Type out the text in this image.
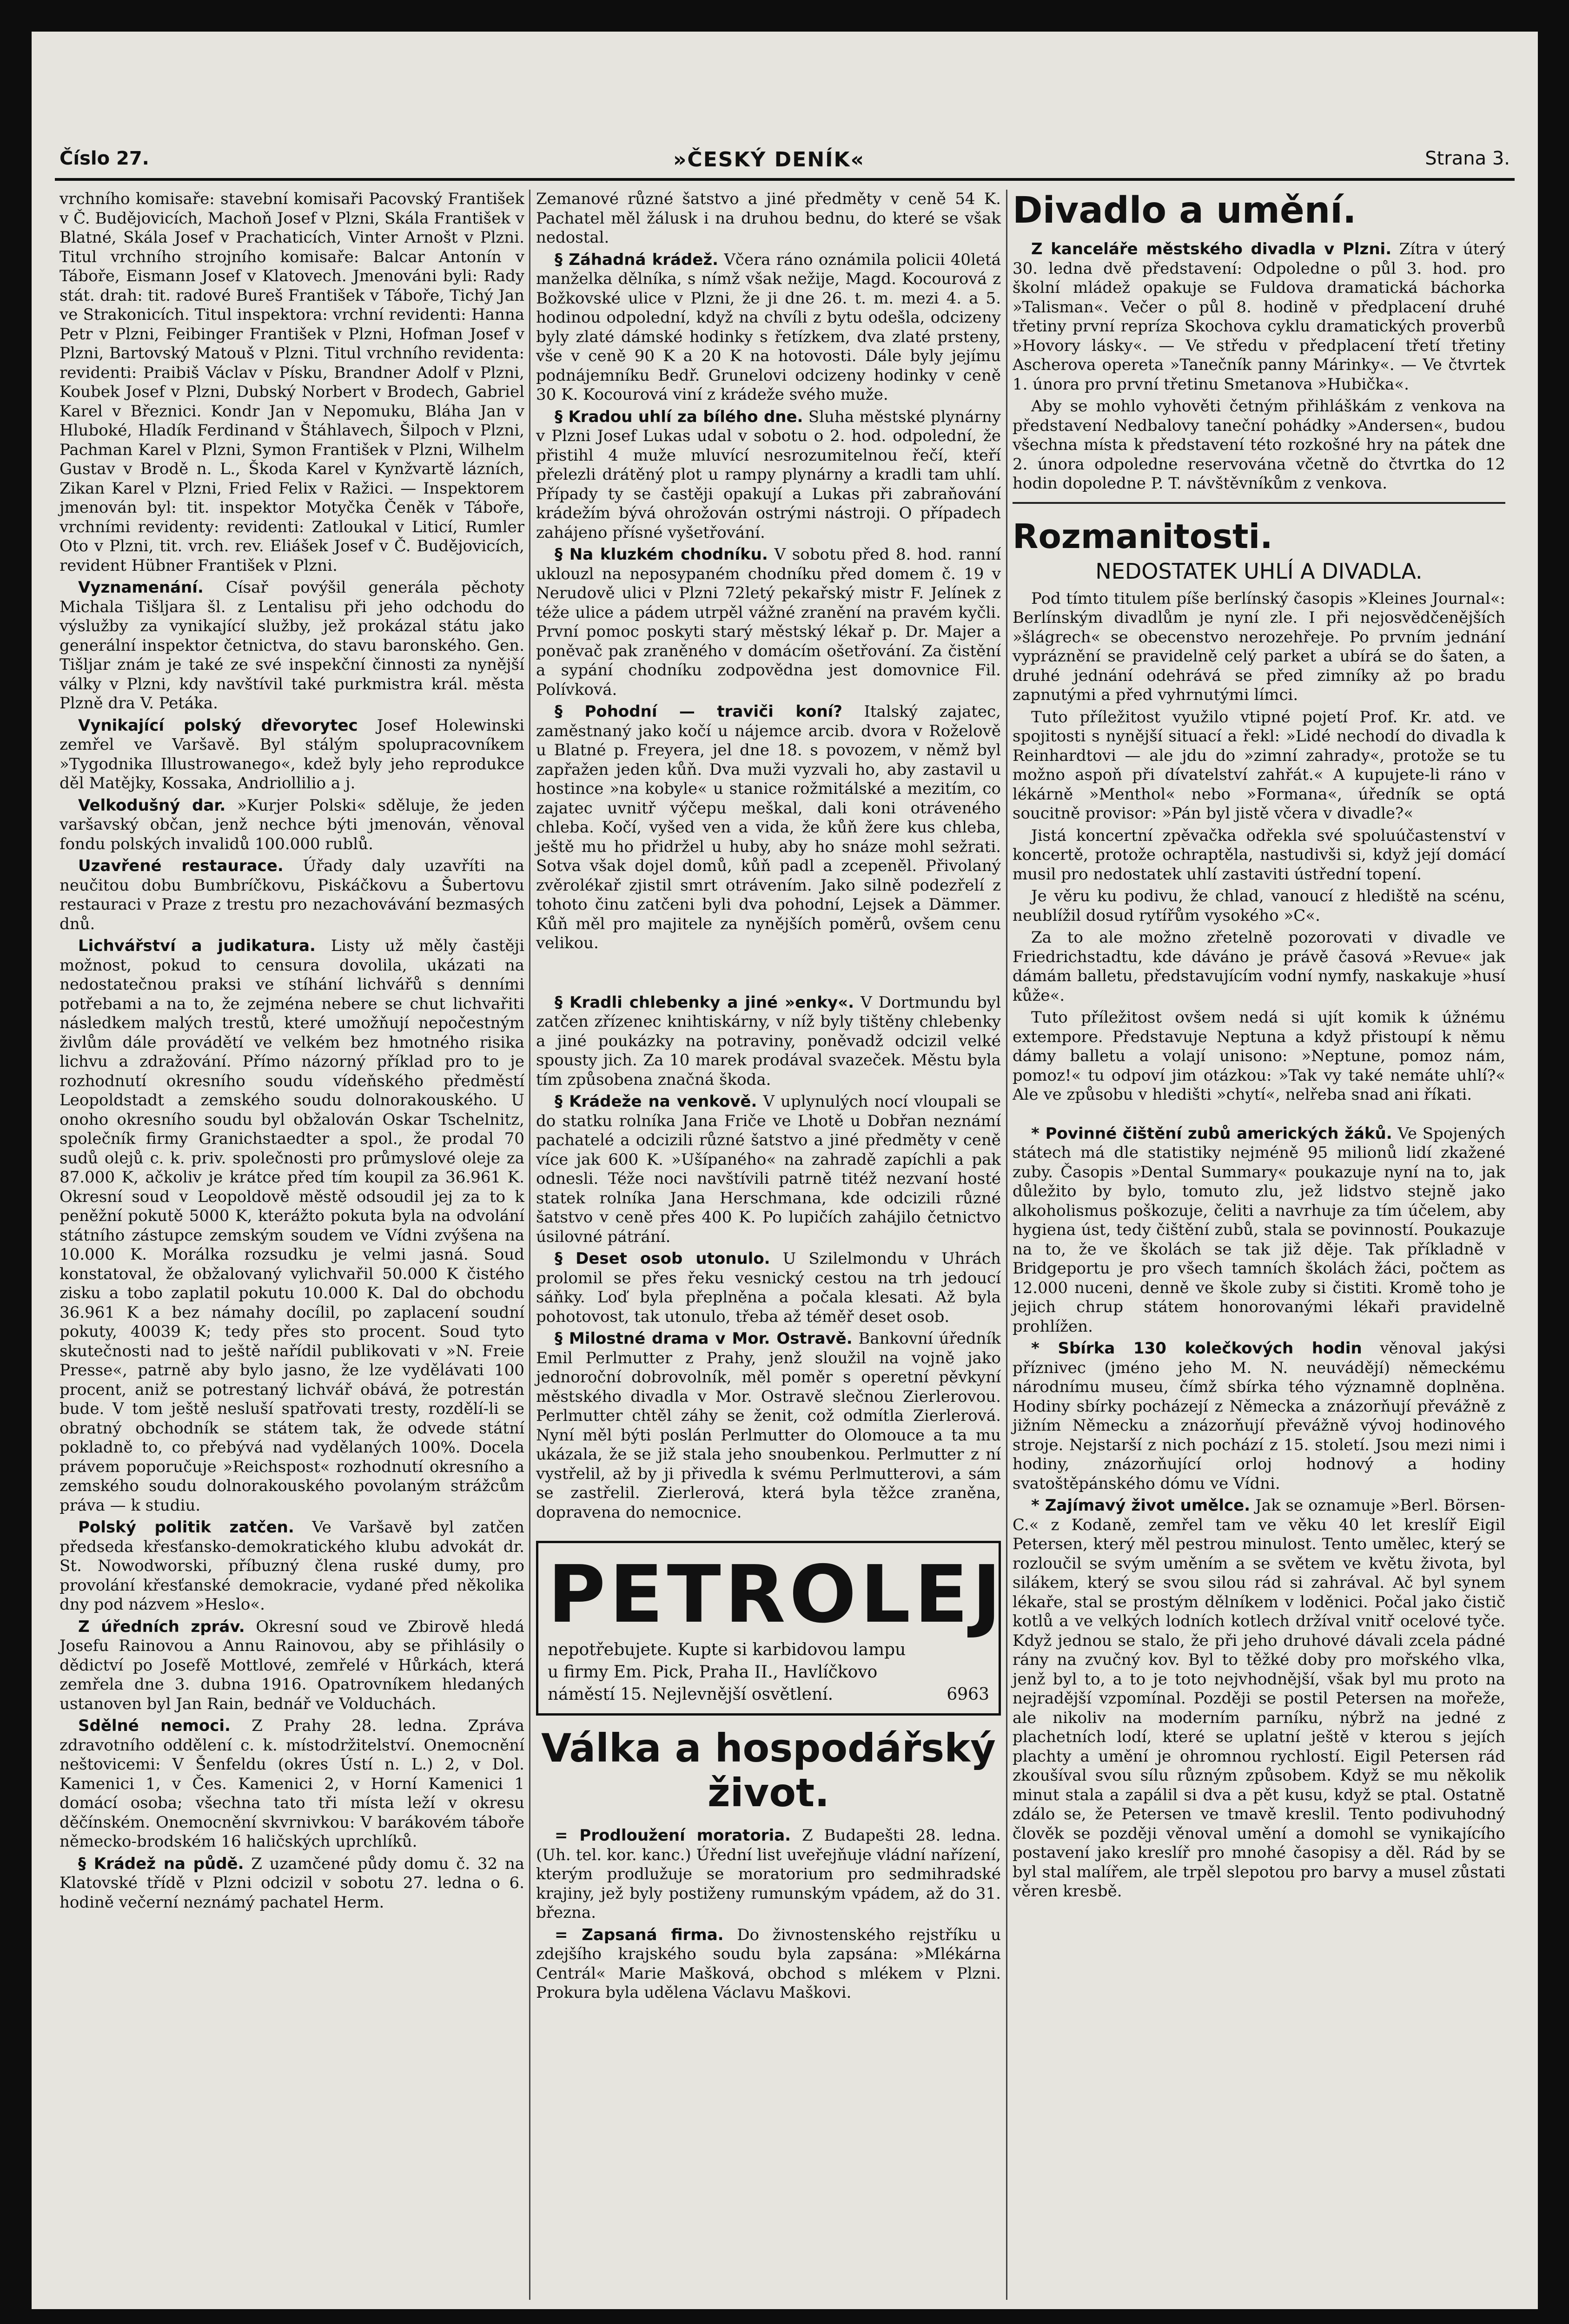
Číslo 27.	»ČESKÝ DENÍK«	Strana 3.

vrchního komisaře: stavební komisaři Pacovský František v Č. Budějovicích, Machoň Josef v Plzni, Skála František v Blatné, Skála Josef v Prachaticích, Vinter Arnošt v Plzni. Titul vrchního strojního komisaře: Balcar Antonín v Táboře, Eismann Josef v Klatovech. Jmenováni byli: Rady stát. drah: tit. radové Bureš František v Táboře, Tichý Jan ve Strakonicích. Titul inspektora: vrchní revidenti: Hanna Petr v Plzni, Feibinger František v Plzni, Hofman Josef v Plzni, Bartovský Matouš v Plzni. Titul vrchního revidenta: revidenti: Praibiš Václav v Písku, Brandner Adolf v Plzni, Koubek Josef v Plzni, Dubský Norbert v Brodech, Gabriel Karel v Březnici. Kondr Jan v Nepomuku, Bláha Jan v Hluboké, Hladík Ferdinand v Štáhlavech, Šilpoch v Plzni, Pachman Karel v Plzni, Symon František v Plzni, Wilhelm Gustav v Brodě n. L., Škoda Karel v Kynžvartě lázních, Zikan Karel v Plzni, Fried Felix v Ražici. — Inspektorem jmenován byl: tit. inspektor Motyčka Čeněk v Táboře, vrchními revidenty: revidenti: Zatloukal v Liticí, Rumler Oto v Plzni, tit. vrch. rev. Eliášek Josef v Č. Budějovicích, revident Hübner František v Plzni.

Vyznamenání. Císař povýšil generála pěchoty Michala Tišljara šl. z Lentalisu při jeho odchodu do výslužby za vynikající služby, jež prokázal státu jako generální inspektor četnictva, do stavu baronského. Gen. Tišljar znám je také ze své inspekční činnosti za nynější války v Plzni, kdy navštívil také purkmistra král. města Plzně dra V. Petáka.

Vynikající polský dřevorytec Josef Holewinski zemřel ve Varšavě. Byl stálým spolupracovníkem »Tygodnika Illustrowanego«, kdež byly jeho reprodukce děl Matějky, Kossaka, Andriollilio a j.

Velkodušný dar. »Kurjer Polski« sděluje, že jeden varšavský občan, jenž nechce býti jmenován, věnoval fondu polských invalidů 100.000 rublů.

Uzavřené restaurace. Úřady daly uzavříti na neučitou dobu Bumbríčkovu, Piskáčkovu a Šubertovu restauraci v Praze z trestu pro nezachovávání bezmasých dnů.

Lichvářství a judikatura. Listy už měly častěji možnost, pokud to censura dovolila, ukázati na nedostatečnou praksi ve stíhání lichvářů s denními potřebami a na to, že zejména nebere se chut lichvařiti následkem malých trestů, které umožňují nepočestným živlům dále provádětí ve velkém bez hmotného risika lichvu a zdražování. Přímo názorný příklad pro to je rozhodnutí okresního soudu vídeňského předměstí Leopoldstadt a zemského soudu dolnorakouského. U onoho okresního soudu byl obžalován Oskar Tschelnitz, společník firmy Granichstaedter a spol., že prodal 70 sudů olejů c. k. priv. společnosti pro průmyslové oleje za 87.000 K, ačkoliv je krátce před tím koupil za 36.961 K. Okresní soud v Leopoldově městě odsoudil jej za to k peněžní pokutě 5000 K, kterážto pokuta byla na odvolání státního zástupce zemským soudem ve Vídni zvýšena na 10.000 K. Morálka rozsudku je velmi jasná. Soud konstatoval, že obžalovaný vylichvařil 50.000 K čistého zisku a tobo zaplatil pokutu 10.000 K. Dal do obchodu 36.961 K a bez námahy docílil, po zaplacení soudní pokuty, 40039 K; tedy přes sto procent. Soud tyto skutečnosti nad to ještě nařídil publikovati v »N. Freie Presse«, patrně aby bylo jasno, že lze vydělávati 100 procent, aniž se potrestaný lichvář obává, že potrestán bude. V tom ještě nesluší spatřovati tresty, rozdělí-li se obratný obchodník se státem tak, že odvede státní pokladně to, co přebývá nad vydělaných 100%. Docela právem poporučuje »Reichspost« rozhodnutí okresního a zemského soudu dolnorakouského povolaným strážcům práva — k studiu.

Polský politik zatčen. Ve Varšavě byl zatčen předseda křesťansko-demokratického klubu advokát dr. St. Nowodworski, příbuzný člena ruské dumy, pro provolání křesťanské demokracie, vydané před několika dny pod názvem »Heslo«.

Z úředních zpráv. Okresní soud ve Zbirově hledá Josefu Rainovou a Annu Rainovou, aby se přihlásily o dědictví po Josefě Mottlové, zemřelé v Hůrkách, která zemřela dne 3. dubna 1916. Opatrovníkem hledaných ustanoven byl Jan Rain, bednář ve Volduchách.

Sdělné nemoci. Z Prahy 28. ledna. Zpráva zdravotního oddělení c. k. místodržitelství. Onemocnění neštovicemi: V Šenfeldu (okres Ústí n. L.) 2, v Dol. Kamenici 1, v Čes. Kamenici 2, v Horní Kamenici 1 domácí osoba; všechna tato tři místa leží v okresu děčínském. Onemocnění skvrnivkou: V barákovém táboře německo-brodském 16 haličských uprchlíků.

§ Krádež na půdě. Z uzamčené půdy domu č. 32 na Klatovské třídě v Plzni odcizil v sobotu 27. ledna o 6. hodině večerní neznámý pachatel Herm.

Zemanové různé šatstvo a jiné předměty v ceně 54 K. Pachatel měl žálusk i na druhou bednu, do které se však nedostal.

§ Záhadná krádež. Včera ráno oznámila policii 40letá manželka dělníka, s nímž však nežije, Magd. Kocourová z Božkovské ulice v Plzni, že ji dne 26. t. m. mezi 4. a 5. hodinou odpolední, když na chvíli z bytu odešla, odcizeny byly zlaté dámské hodinky s řetízkem, dva zlaté prsteny, vše v ceně 90 K a 20 K na hotovosti. Dále byly jejímu podnájemníku Bedř. Grunelovi odcizeny hodinky v ceně 30 K. Kocourová viní z krádeže svého muže.

§ Kradou uhlí za bílého dne. Sluha městské plynárny v Plzni Josef Lukas udal v sobotu o 2. hod. odpolední, že přistihl 4 muže mluvící nesrozumitelnou řečí, kteří přelezli drátěný plot u rampy plynárny a kradli tam uhlí. Případy ty se častěji opakují a Lukas při zabraňování krádežím bývá ohrožován ostrými nástroji. O případech zahájeno přísné vyšetřování.

§ Na kluzkém chodníku. V sobotu před 8. hod. ranní uklouzl na neposypaném chodníku před domem č. 19 v Nerudově ulici v Plzni 72letý pekařský mistr F. Jelínek z téže ulice a pádem utrpěl vážné zranění na pravém kyčli. První pomoc poskyti starý městský lékař p. Dr. Majer a poněvač pak zraněného v domácím ošetřování. Za čistění a sypání chodníku zodpovědna jest domovnice Fil. Polívková.

§ Pohodní — traviči koní? Italský zajatec, zaměstnaný jako kočí u nájemce arcib. dvora v Roželově u Blatné p. Freyera, jel dne 18. s povozem, v němž byl zapřažen jeden kůň. Dva muži vyzvali ho, aby zastavil u hostince »na kobyle« u stanice rožmitálské a mezitím, co zajatec uvnitř výčepu meškal, dali koni otráveného chleba. Kočí, vyšed ven a vida, že kůň žere kus chleba, ještě mu ho přidržel u huby, aby ho snáze mohl sežrati. Sotva však dojel domů, kůň padl a zcepeněl. Přivolaný zvěrolékař zjistil smrt otrávením. Jako silně podezřelí z tohoto činu zatčeni byli dva pohodní, Lejsek a Dämmer. Kůň měl pro majitele za nynějších poměrů, ovšem cenu velikou.

§ Kradli chlebenky a jiné »enky«. V Dortmundu byl zatčen zřízenec knihtiskárny, v níž byly tištěny chlebenky a jiné poukázky na potraviny, poněvadž odcizil velké spousty jich. Za 10 marek prodával svazeček. Městu byla tím způsobena značná škoda.

§ Krádeže na venkově. V uplynulých nocí vloupali se do statku rolníka Jana Friče ve Lhotě u Dobřan neznámí pachatelé a odcizili různé šatstvo a jiné předměty v ceně více jak 600 K. »Ušípaného« na zahradě zapíchli a pak odnesli. Téže noci navštívili patrně titéž nezvaní hosté statek rolníka Jana Herschmana, kde odcizili různé šatstvo v ceně přes 400 K. Po lupičích zahájilo četnictvo úsilovné pátrání.

§ Deset osob utonulo. U Szilelmondu v Uhrách prolomil se přes řeku vesnický cestou na trh jedoucí sáňky. Loď byla přeplněna a počala klesati. Až byla pohotovost, tak utonulo, třeba až téměř deset osob.

§ Milostné drama v Mor. Ostravě. Bankovní úředník Emil Perlmutter z Prahy, jenž sloužil na vojně jako jednoroční dobrovolník, měl poměr s operetní pěvkyní městského divadla v Mor. Ostravě slečnou Zierlerovou. Perlmutter chtěl záhy se ženit, což odmítla Zierlerová. Nyní měl býti poslán Perlmutter do Olomouce a ta mu ukázala, že se již stala jeho snoubenkou. Perlmutter z ní vystřelil, až by ji přivedla k svému Perlmutterovi, a sám se zastřelil. Zierlerová, která byla těžce zraněna, dopravena do nemocnice.

PETROLEJ
nepotřebujete. Kupte si karbidovou lampu
u firmy Em. Pick, Praha II., Havlíčkovo
náměstí 15. Nejlevnější osvětlení.	6963
Válka a hospodářský život.

= Prodloužení moratoria. Z Budapešti 28. ledna. (Uh. tel. kor. kanc.) Úřední list uveřejňuje vládní nařízení, kterým prodlužuje se moratorium pro sedmihradské krajiny, jež byly postiženy rumunským vpádem, až do 31. března.

= Zapsaná firma. Do živnostenského rejstříku u zdejšího krajského soudu byla zapsána: »Mlékárna Centrál« Marie Mašková, obchod s mlékem v Plzni. Prokura byla udělena Václavu Maškovi.

Divadlo a umění.

Z kanceláře městského divadla v Plzni. Zítra v úterý 30. ledna dvě představení: Odpoledne o půl 3. hod. pro školní mládež opakuje se Fuldova dramatická báchorka »Talisman«. Večer o půl 8. hodině v předplacení druhé třetiny první repríza Skochova cyklu dramatických proverbů »Hovory lásky«. — Ve středu v předplacení třetí třetiny Ascherova opereta »Tanečník panny Márinky«. — Ve čtvrtek 1. února pro první třetinu Smetanova »Hubička«.

Aby se mohlo vyhověti četným přihláškám z venkova na představení Nedbalovy taneční pohádky »Andersen«, budou všechna místa k představení této rozkošné hry na pátek dne 2. února odpoledne reservována včetně do čtvrtka do 12 hodin dopoledne P. T. návštěvníkům z venkova.

Rozmanitosti.
NEDOSTATEK UHLÍ A DIVADLA.

Pod tímto titulem píše berlínský časopis »Kleines Journal«: Berlínským divadlům je nyní zle. I při nejosvědčenějších »šlágrech« se obecenstvo nerozehřeje. Po prvním jednání vypráznění se pravidelně celý parket a ubírá se do šaten, a druhé jednání odehrává se před zimníky až po bradu zapnutými a před vyhrnutými límci.

Tuto příležitost využilo vtipné pojetí Prof. Kr. atd. ve spojitosti s nynější situací a řekl: »Lidé nechodí do divadla k Reinhardtovi — ale jdu do »zimní zahrady«, protože se tu možno aspoň při dívatelství zahřát.« A kupujete-li ráno v lékárně »Menthol« nebo »Formana«, úředník se optá soucitně provisor: »Pán byl jistě včera v divadle?«

Jistá koncertní zpěvačka odřekla své spoluúčastenství v koncertě, protože ochraptěla, nastudivši si, když její domácí musil pro nedostatek uhlí zastaviti ústřední topení.

Je věru ku podivu, že chlad, vanoucí z hlediště na scénu, neublížil dosud rytířům vysokého »C«.

Za to ale možno zřetelně pozorovati v divadle ve Friedrichstadtu, kde dáváno je právě časová »Revue« jak dámám balletu, představujícím vodní nymfy, naskakuje »husí kůže«.

Tuto příležitost ovšem nedá si ujít komik k úžnému extempore. Představuje Neptuna a když přistoupí k němu dámy balletu a volají unisono: »Neptune, pomoz nám, pomoz!« tu odpoví jim otázkou: »Tak vy také nemáte uhlí?« Ale ve způsobu v hledišti »chytí«, nelřeba snad ani říkati.

* Povinné čištění zubů amerických žáků. Ve Spojených státech má dle statistiky nejméně 95 milionů lidí zkažené zuby. Časopis »Dental Summary« poukazuje nyní na to, jak důležito by bylo, tomuto zlu, jež lidstvo stejně jako alkoholismus poškozuje, čeliti a navrhuje za tím účelem, aby hygiena úst, tedy čištění zubů, stala se povinností. Poukazuje na to, že ve školách se tak již děje. Tak příkladně v Bridgeportu je pro všech tamních školách žáci, počtem as 12.000 nuceni, denně ve škole zuby si čistiti. Kromě toho je jejich chrup státem honorovanými lékaři pravidelně prohlížen.

* Sbírka 130 kolečkových hodin věnoval jakýsi příznivec (jméno jeho M. N. neuvádějí) německému národnímu museu, čímž sbírka tého významně doplněna. Hodiny sbírky pocházejí z Německa a znázorňují převážně z jižním Německu a znázorňují převážně vývoj hodinového stroje. Nejstarší z nich pochází z 15. století. Jsou mezi nimi i hodiny, znázorňující orloj hodnový a hodiny svatoštěpánského dómu ve Vídni.

* Zajímavý život umělce. Jak se oznamuje »Berl. Börsen-C.« z Kodaně, zemřel tam ve věku 40 let kreslíř Eigil Petersen, který měl pestrou minulost. Tento umělec, který se rozloučil se svým uměním a se světem ve květu života, byl silákem, který se svou silou rád si zahrával. Ač byl synem lékaře, stal se prostým dělníkem v loděnici. Počal jako čistič kotlů a ve velkých lodních kotlech držíval vnitř ocelové tyče. Když jednou se stalo, že při jeho druhové dávali zcela pádné rány na zvučný kov. Byl to těžké doby pro mořského vlka, jenž byl to, a to je toto nejvhodnější, však byl mu proto na nejradější vzpomínal. Později se postil Petersen na mořeže, ale nikoliv na moderním parníku, nýbrž na jedné z plachetních lodí, které se uplatní ještě v kterou s jejích plachty a umění je ohromnou rychlostí. Eigil Petersen rád zkoušíval svou sílu různým způsobem. Když se mu několik minut stala a zapálil si dva a pět kusu, když se ptal. Ostatně zdálo se, že Petersen ve tmavě kreslil. Tento podivuhodný člověk se později věnoval umění a domohl se vynikajícího postavení jako kreslíř pro mnohé časopisy a děl. Rád by se byl stal malířem, ale trpěl slepotou pro barvy a musel zůstati věren kresbě.
